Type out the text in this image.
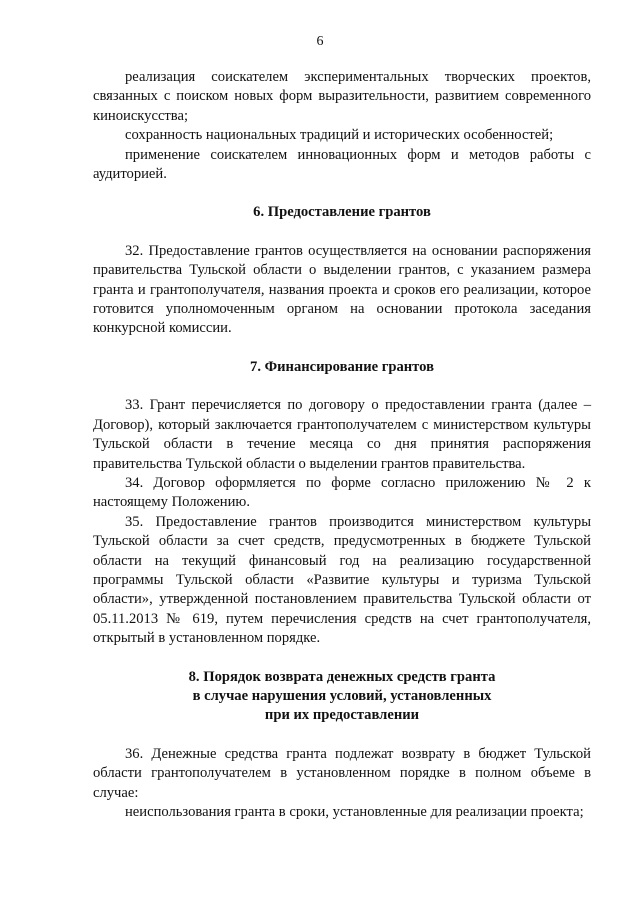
6

реализация соискателем экспериментальных творческих проектов, связанных с поиском новых форм выразительности, развитием современного киноискусства;

сохранность национальных традиций и исторических особенностей;

применение соискателем инновационных форм и методов работы с аудиторией.

6. Предоставление грантов

32. Предоставление грантов осуществляется на основании распоряжения правительства Тульской области о выделении грантов, с указанием размера гранта и грантополучателя, названия проекта и сроков его реализации, которое готовится уполномоченным органом на основании протокола заседания конкурсной комиссии.

7. Финансирование грантов

33. Грант перечисляется по договору о предоставлении гранта (далее – Договор), который заключается грантополучателем с министерством культуры Тульской области в течение месяца со дня принятия распоряжения правительства Тульской области о выделении грантов правительства.

34. Договор оформляется по форме согласно приложению № 2 к настоящему Положению.

35. Предоставление грантов производится министерством культуры Тульской области за счет средств, предусмотренных в бюджете Тульской области на текущий финансовый год на реализацию государственной программы Тульской области «Развитие культуры и туризма Тульской области», утвержденной постановлением правительства Тульской области от 05.11.2013 № 619, путем перечисления средств на счет грантополучателя, открытый в установленном порядке.

8. Порядок возврата денежных средств гранта
в случае нарушения условий, установленных
при их предоставлении

36. Денежные средства гранта подлежат возврату в бюджет Тульской области грантополучателем в установленном порядке в полном объеме в случае:

неиспользования гранта в сроки, установленные для реализации проекта;
